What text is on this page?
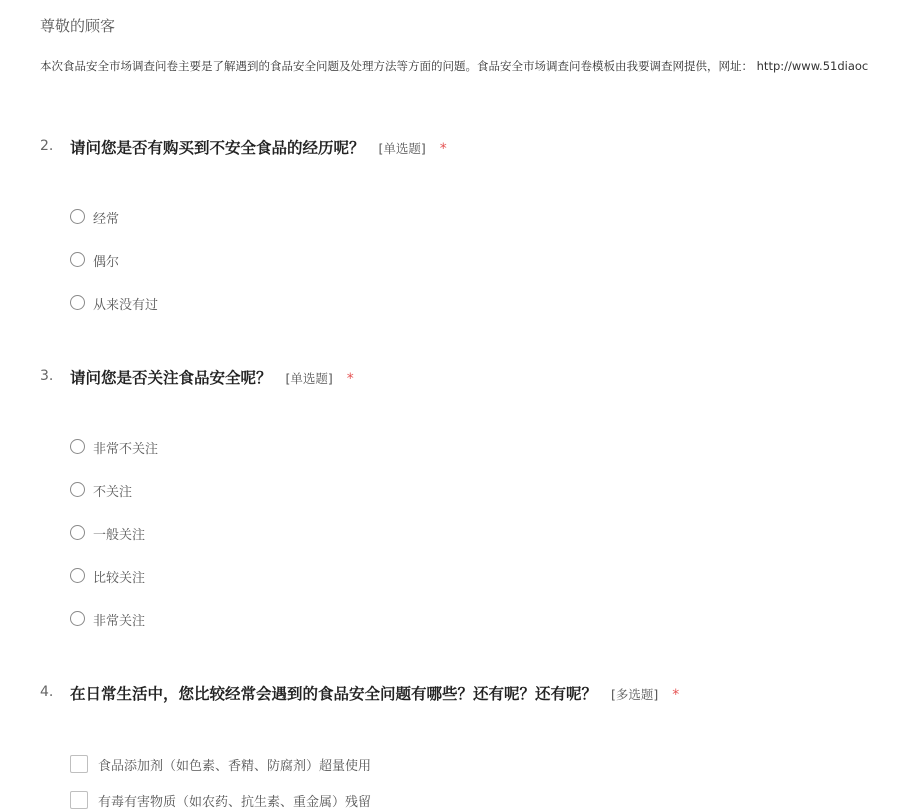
尊敬的顾客
本次食品安全市场调查问卷主要是了解遇到的食品安全问题及处理方法等方面的问题。食品安全市场调查问卷模板由我要调查网提供，网址： http://www.51diaoc
2. 请问您是否有购买到不安全食品的经历呢？ [单选题] *
经常
偶尔
从来没有过
3. 请问您是否关注食品安全呢？ [单选题] *
非常不关注
不关注
一般关注
比较关注
非常关注
4. 在日常生活中，您比较经常会遇到的食品安全问题有哪些？还有呢？还有呢？ [多选题] *
食品添加剂（如色素、香精、防腐剂）超量使用
有毒有害物质（如农药、抗生素、重金属）残留
